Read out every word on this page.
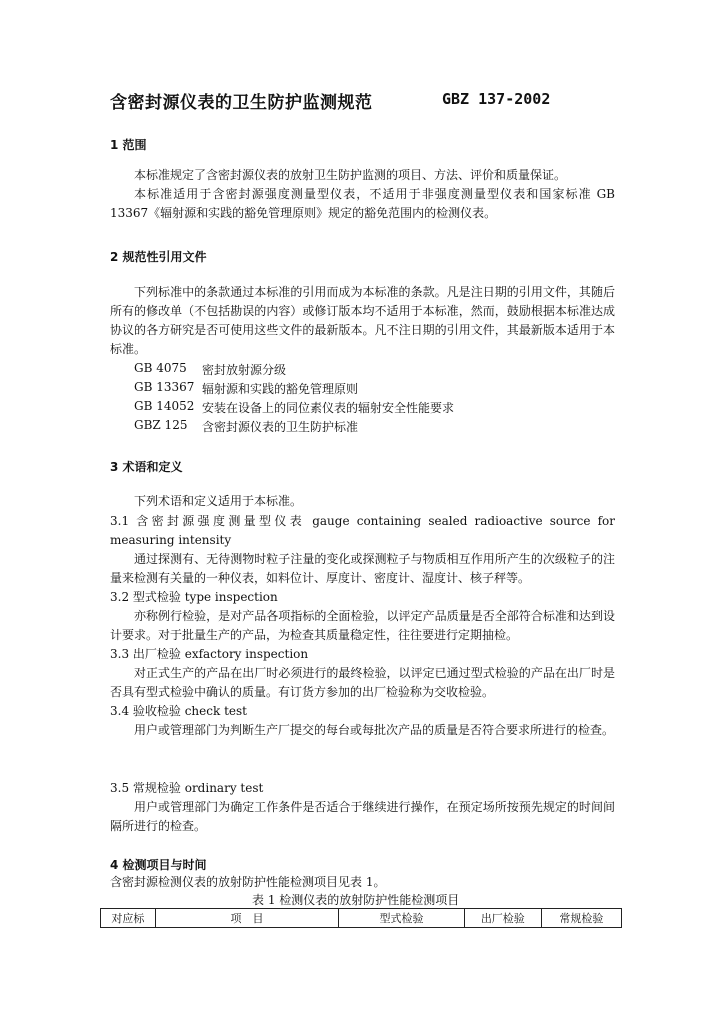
含密封源仪表的卫生防护监测规范	GBZ 137-2002
1 范围
本标准规定了含密封源仪表的放射卫生防护监测的项目、方法、评价和质量保证。
本标准适用于含密封源强度测量型仪表，不适用于非强度测量型仪表和国家标准 GB 13367《辐射源和实践的豁免管理原则》规定的豁免范围内的检测仪表。
2 规范性引用文件
下列标准中的条款通过本标准的引用而成为本标准的条款。凡是注日期的引用文件，其随后所有的修改单（不包括勘误的内容）或修订版本均不适用于本标准，然而，鼓励根据本标准达成协议的各方研究是否可使用这些文件的最新版本。凡不注日期的引用文件，其最新版本适用于本标准。
GB 4075 密封放射源分级
GB 13367 辐射源和实践的豁免管理原则
GB 14052 安装在设备上的同位素仪表的辐射安全性能要求
GBZ 125 含密封源仪表的卫生防护标准
3 术语和定义
下列术语和定义适用于本标准。
3.1 含密封源强度测量型仪表 gauge containing sealed radioactive source for measuring intensity
通过探测有、无待测物时粒子注量的变化或探测粒子与物质相互作用所产生的次级粒子的注量来检测有关量的一种仪表，如料位计、厚度计、密度计、湿度计、核子秤等。
3.2 型式检验 type inspection
亦称例行检验，是对产品各项指标的全面检验，以评定产品质量是否全部符合标准和达到设计要求。对于批量生产的产品，为检查其质量稳定性，往往要进行定期抽检。
3.3 出厂检验 exfactory inspection
对正式生产的产品在出厂时必须进行的最终检验，以评定已通过型式检验的产品在出厂时是否具有型式检验中确认的质量。有订货方参加的出厂检验称为交收检验。
3.4 验收检验 check test
用户或管理部门为判断生产厂提交的每台或每批次产品的质量是否符合要求所进行的检查。
3.5 常规检验 ordinary test
用户或管理部门为确定工作条件是否适合于继续进行操作，在预定场所按预先规定的时间间隔所进行的检查。
4 检测项目与时间
含密封源检测仪表的放射防护性能检测项目见表 1。
表 1 检测仪表的放射防护性能检测项目
对应标	项　目	型式检验	出厂检验	常规检验
